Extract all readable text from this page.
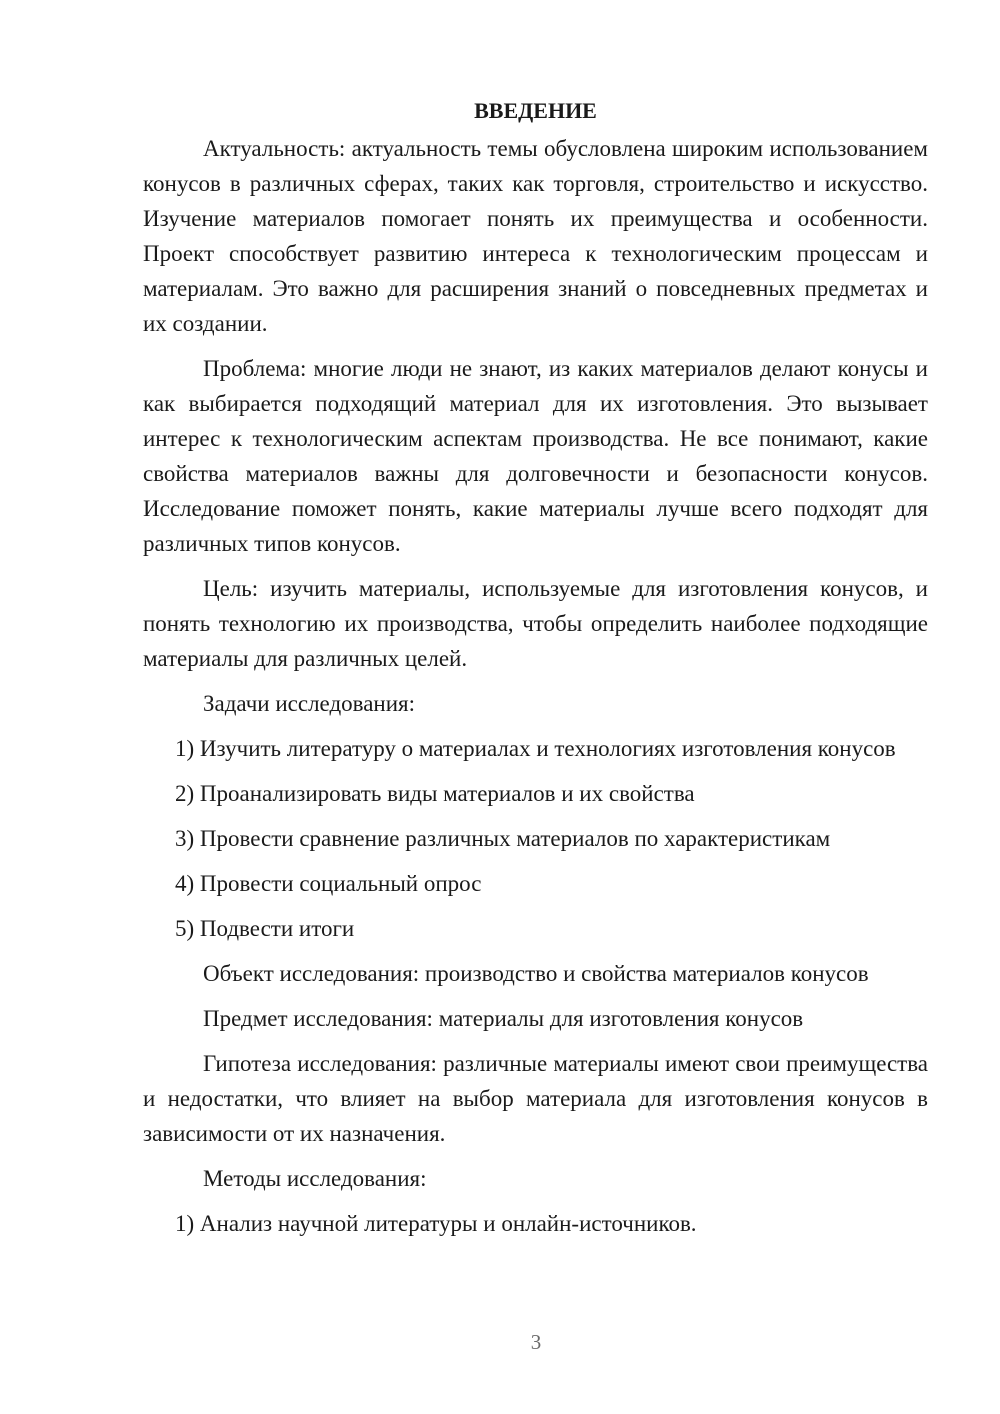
ВВЕДЕНИЕ

Актуальность: актуальность темы обусловлена широким использованием конусов в различных сферах, таких как торговля, строительство и искусство. Изучение материалов помогает понять их преимущества и особенности. Проект способствует развитию интереса к технологическим процессам и материалам. Это важно для расширения знаний о повседневных предметах и их создании.

Проблема: многие люди не знают, из каких материалов делают конусы и как выбирается подходящий материал для их изготовления. Это вызывает интерес к технологическим аспектам производства. Не все понимают, какие свойства материалов важны для долговечности и безопасности конусов. Исследование поможет понять, какие материалы лучше всего подходят для различных типов конусов.

Цель: изучить материалы, используемые для изготовления конусов, и понять технологию их производства, чтобы определить наиболее подходящие материалы для различных целей.

Задачи исследования:

1) Изучить литературу о материалах и технологиях изготовления конусов
2) Проанализировать виды материалов и их свойства
3) Провести сравнение различных материалов по характеристикам
4) Провести социальный опрос
5) Подвести итоги

Объект исследования: производство и свойства материалов конусов

Предмет исследования: материалы для изготовления конусов

Гипотеза исследования: различные материалы имеют свои преимущества и недостатки, что влияет на выбор материала для изготовления конусов в зависимости от их назначения.

Методы исследования:

1) Анализ научной литературы и онлайн-источников.
3
